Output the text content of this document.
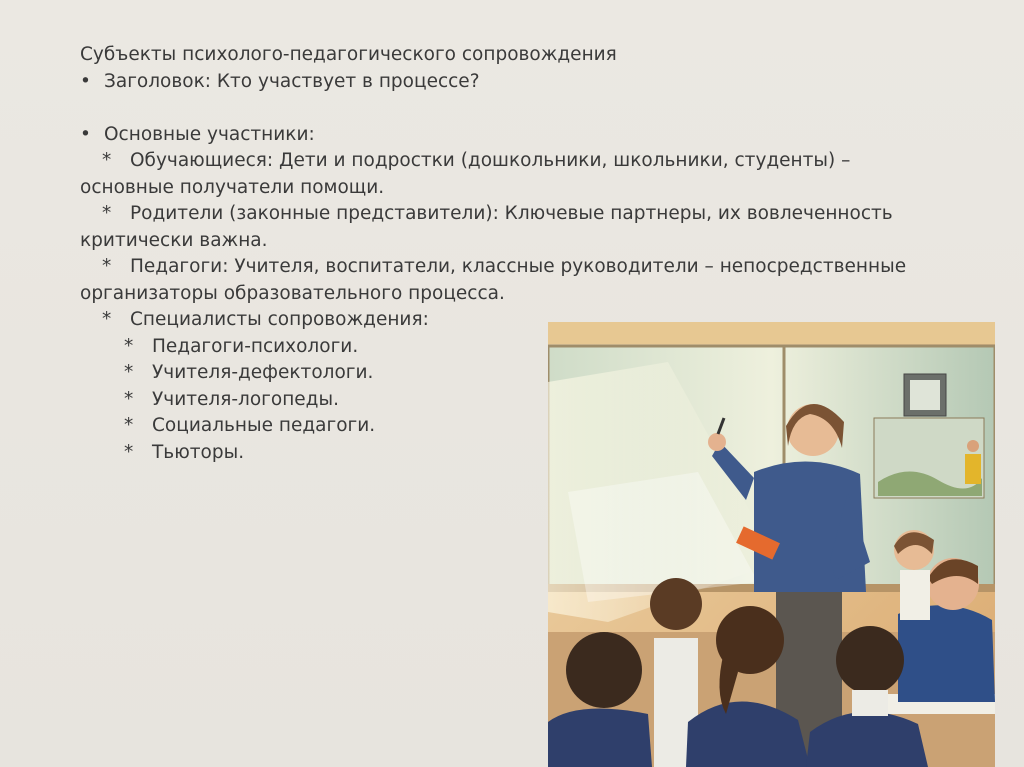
Субъекты психолого-педагогического сопровождения
• Заголовок: Кто участвует в процессе?
• Основные участники:
* Обучающиеся: Дети и подростки (дошкольники, школьники, студенты) –
основные получатели помощи.
* Родители (законные представители): Ключевые партнеры, их вовлеченность
критически важна.
* Педагоги: Учителя, воспитатели, классные руководители – непосредственные
организаторы образовательного процесса.
* Специалисты сопровождения:
* Педагоги-психологи.
* Учителя-дефектологи.
* Учителя-логопеды.
* Социальные педагоги.
* Тьюторы.
